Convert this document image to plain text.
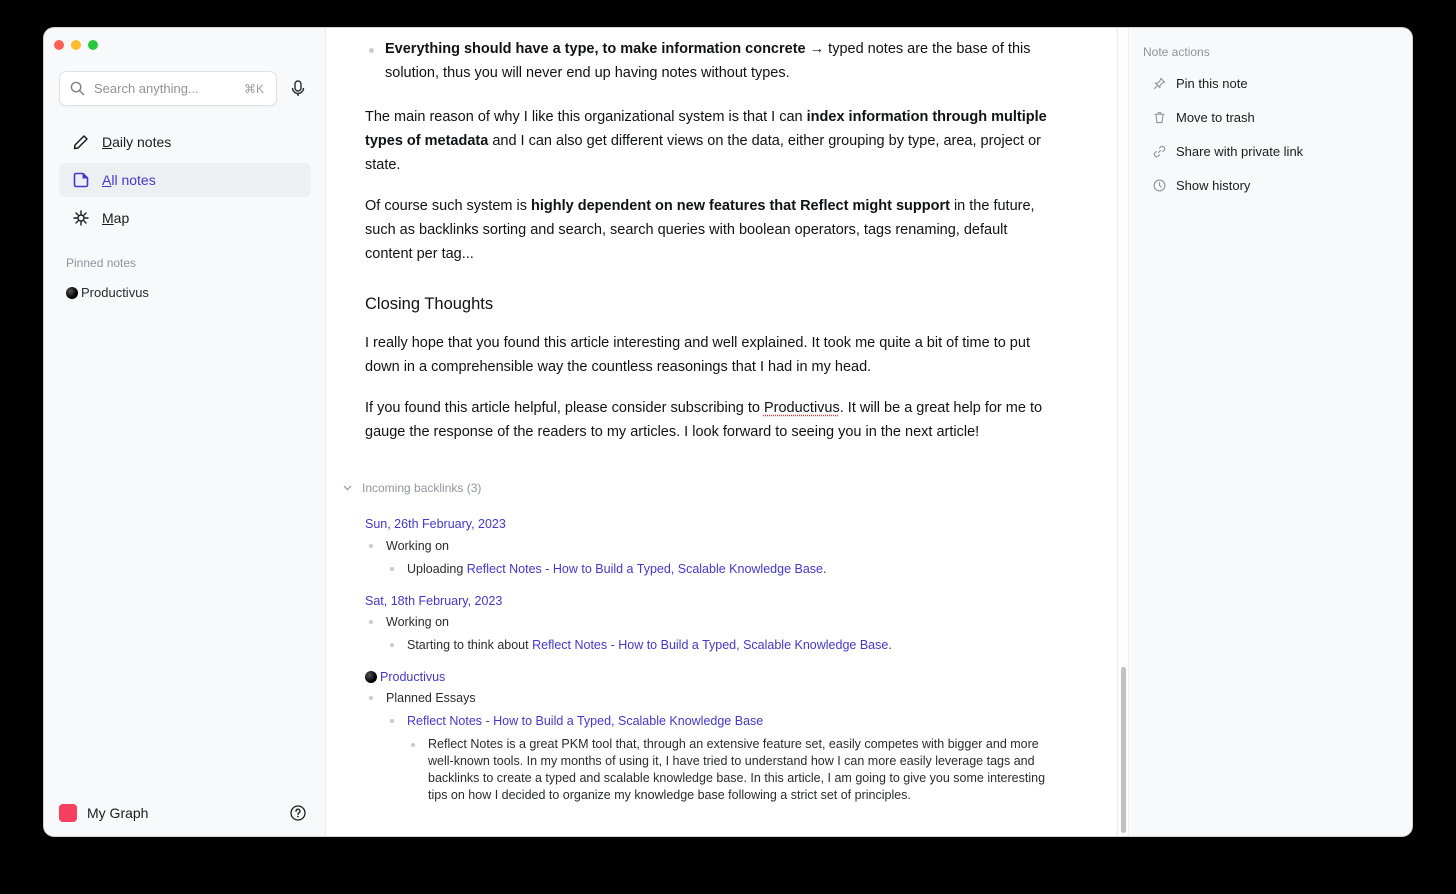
Search anything...	⌘K
Daily notes
All notes
Map
Pinned notes
Productivus
My Graph
Everything should have a type, to make information concrete → typed notes are the base of this
solution, thus you will never end up having notes without types.
The main reason of why I like this organizational system is that I can index information through multiple
types of metadata and I can also get different views on the data, either grouping by type, area, project or
state.
Of course such system is highly dependent on new features that Reflect might support in the future,
such as backlinks sorting and search, search queries with boolean operators, tags renaming, default
content per tag...
Closing Thoughts
I really hope that you found this article interesting and well explained. It took me quite a bit of time to put
down in a comprehensible way the countless reasonings that I had in my head.
If you found this article helpful, please consider subscribing to Productivus. It will be a great help for me to
gauge the response of the readers to my articles. I look forward to seeing you in the next article!
Incoming backlinks (3)
Sun, 26th February, 2023
Working on
Uploading Reflect Notes - How to Build a Typed, Scalable Knowledge Base.
Sat, 18th February, 2023
Working on
Starting to think about Reflect Notes - How to Build a Typed, Scalable Knowledge Base.
Productivus
Planned Essays
Reflect Notes - How to Build a Typed, Scalable Knowledge Base
Reflect Notes is a great PKM tool that, through an extensive feature set, easily competes with bigger and more
well-known tools. In my months of using it, I have tried to understand how I can more easily leverage tags and
backlinks to create a typed and scalable knowledge base. In this article, I am going to give you some interesting
tips on how I decided to organize my knowledge base following a strict set of principles.
Note actions
Pin this note
Move to trash
Share with private link
Show history
